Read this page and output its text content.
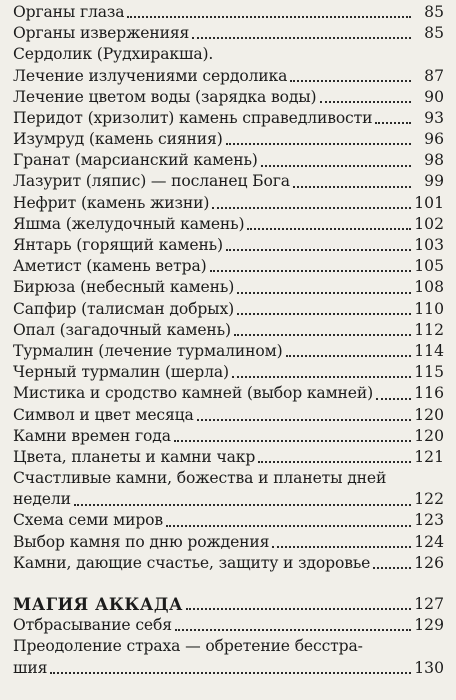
Органы глаза	85
Органы изверженияя	85
Сердолик (Рудхиракша).
Лечение излучениями сердолика	87
Лечение цветом воды (зарядка воды)	90
Перидот (хризолит) камень справедливости	93
Изумруд (камень сияния)	96
Гранат (марсианский камень)	98
Лазурит (ляпис) — посланец Бога	99
Нефрит (камень жизни)	101
Яшма (желудочный камень)	102
Янтарь (горящий камень)	103
Аметист (камень ветра)	105
Бирюза (небесный камень)	108
Сапфир (талисман добрых)	110
Опал (загадочный камень)	112
Турмалин (лечение турмалином)	114
Черный турмалин (шерла)	115
Мистика и сродство камней (выбор камней)	116
Символ и цвет месяца	120
Камни времен года	120
Цвета, планеты и камни чакр	121
Счастливые камни, божества и планеты дней
недели	122
Схема семи миров	123
Выбор камня по дню рождения	124
Камни, дающие счастье, защиту и здоровье	126
МАГИЯ АККАДА	127
Отбрасывание себя	129
Преодоление страха — обретение бесстра-
шия	130
